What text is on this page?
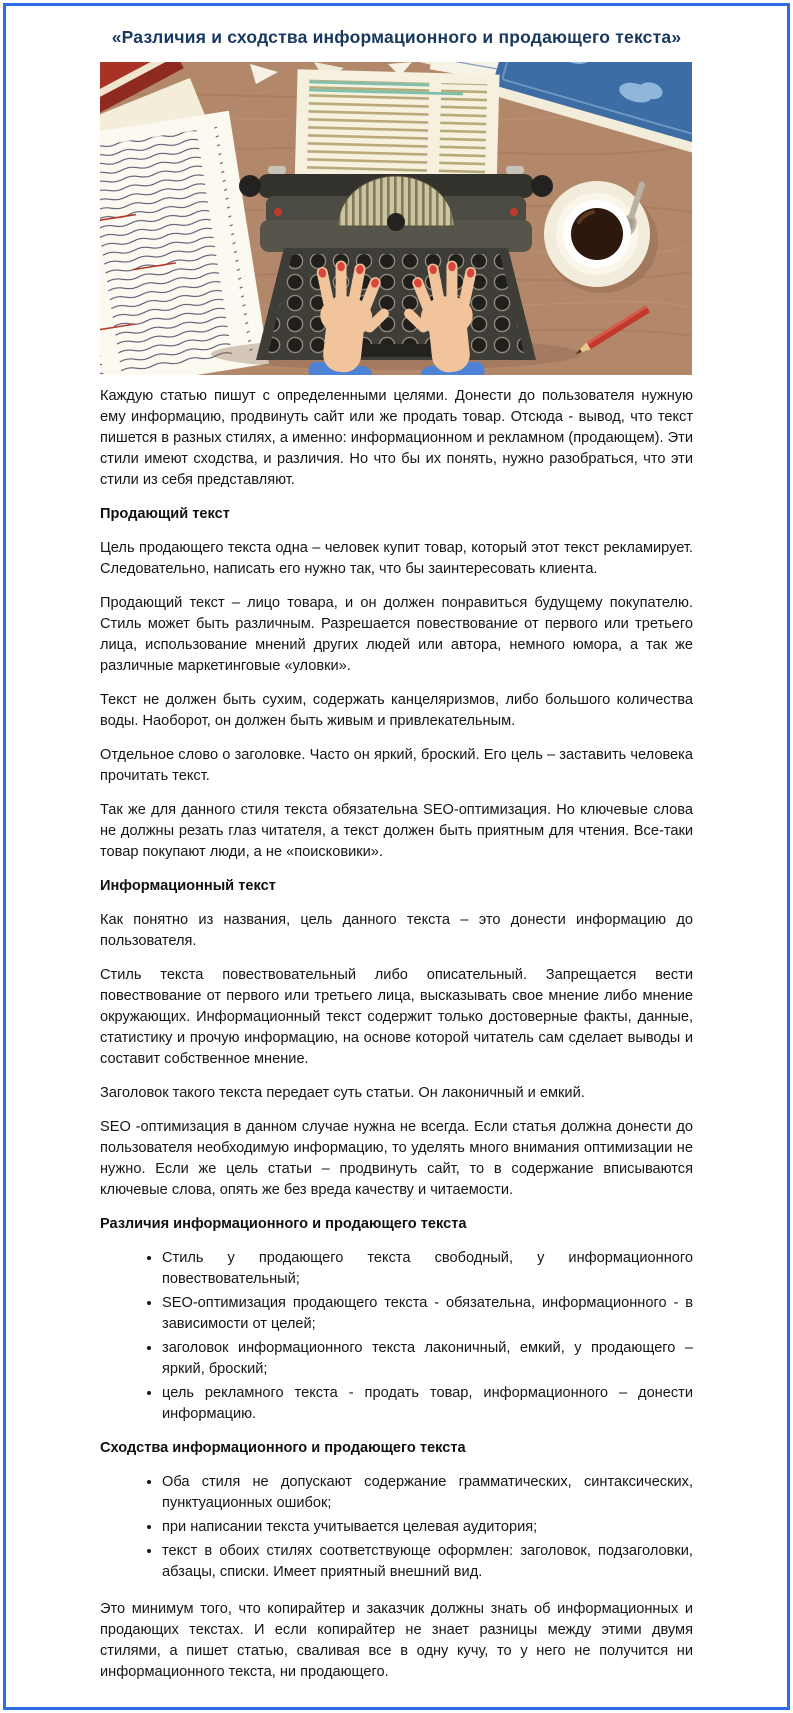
«Различия и сходства информационного и продающего текста»

Каждую статью пишут с определенными целями. Донести до пользователя нужную ему информацию, продвинуть сайт или же продать товар. Отсюда - вывод, что текст пишется в разных стилях, а именно: информационном и рекламном (продающем). Эти стили имеют сходства, и различия. Но что бы их понять, нужно разобраться, что эти стили из себя представляют.

Продающий текст

Цель продающего текста одна – человек купит товар, который этот текст рекламирует. Следовательно, написать его нужно так, что бы заинтересовать клиента.

Продающий текст – лицо товара, и он должен понравиться будущему покупателю. Стиль может быть различным. Разрешается повествование от первого или третьего лица, использование мнений других людей или автора, немного юмора, а так же различные маркетинговые «уловки».

Текст не должен быть сухим, содержать канцеляризмов, либо большого количества воды. Наоборот, он должен быть живым и привлекательным.

Отдельное слово о заголовке. Часто он яркий, броский. Его цель – заставить человека прочитать текст.

Так же для данного стиля текста обязательна SEO-оптимизация. Но ключевые слова не должны резать глаз читателя, а текст должен быть приятным для чтения. Все-таки товар покупают люди, а не «поисковики».

Информационный текст

Как понятно из названия, цель данного текста – это донести информацию до пользователя.

Стиль текста повествовательный либо описательный. Запрещается вести повествование от первого или третьего лица, высказывать свое мнение либо мнение окружающих. Информационный текст содержит только достоверные факты, данные, статистику и прочую информацию, на основе которой читатель сам сделает выводы и составит собственное мнение.

Заголовок такого текста передает суть статьи. Он лаконичный и емкий.

SEO -оптимизация в данном случае нужна не всегда. Если статья должна донести до пользователя необходимую информацию, то уделять много внимания оптимизации не нужно. Если же цель статьи – продвинуть сайт, то в содержание вписываются ключевые слова, опять же без вреда качеству и читаемости.

Различия информационного и продающего текста
• Стиль у продающего текста свободный, у информационного повествовательный;
• SEO-оптимизация продающего текста - обязательна, информационного - в зависимости от целей;
• заголовок информационного текста лаконичный, емкий, у продающего – яркий, броский;
• цель рекламного текста - продать товар, информационного – донести информацию.
Сходства информационного и продающего текста
• Оба стиля не допускают содержание грамматических, синтаксических, пунктуационных ошибок;
• при написании текста учитывается целевая аудитория;
• текст в обоих стилях соответствующе оформлен: заголовок, подзаголовки, абзацы, списки. Имеет приятный внешний вид.

Это минимум того, что копирайтер и заказчик должны знать об информационных и продающих текстах. И если копирайтер не знает разницы между этими двумя стилями, а пишет статью, сваливая все в одну кучу, то у него не получится ни информационного текста, ни продающего.
